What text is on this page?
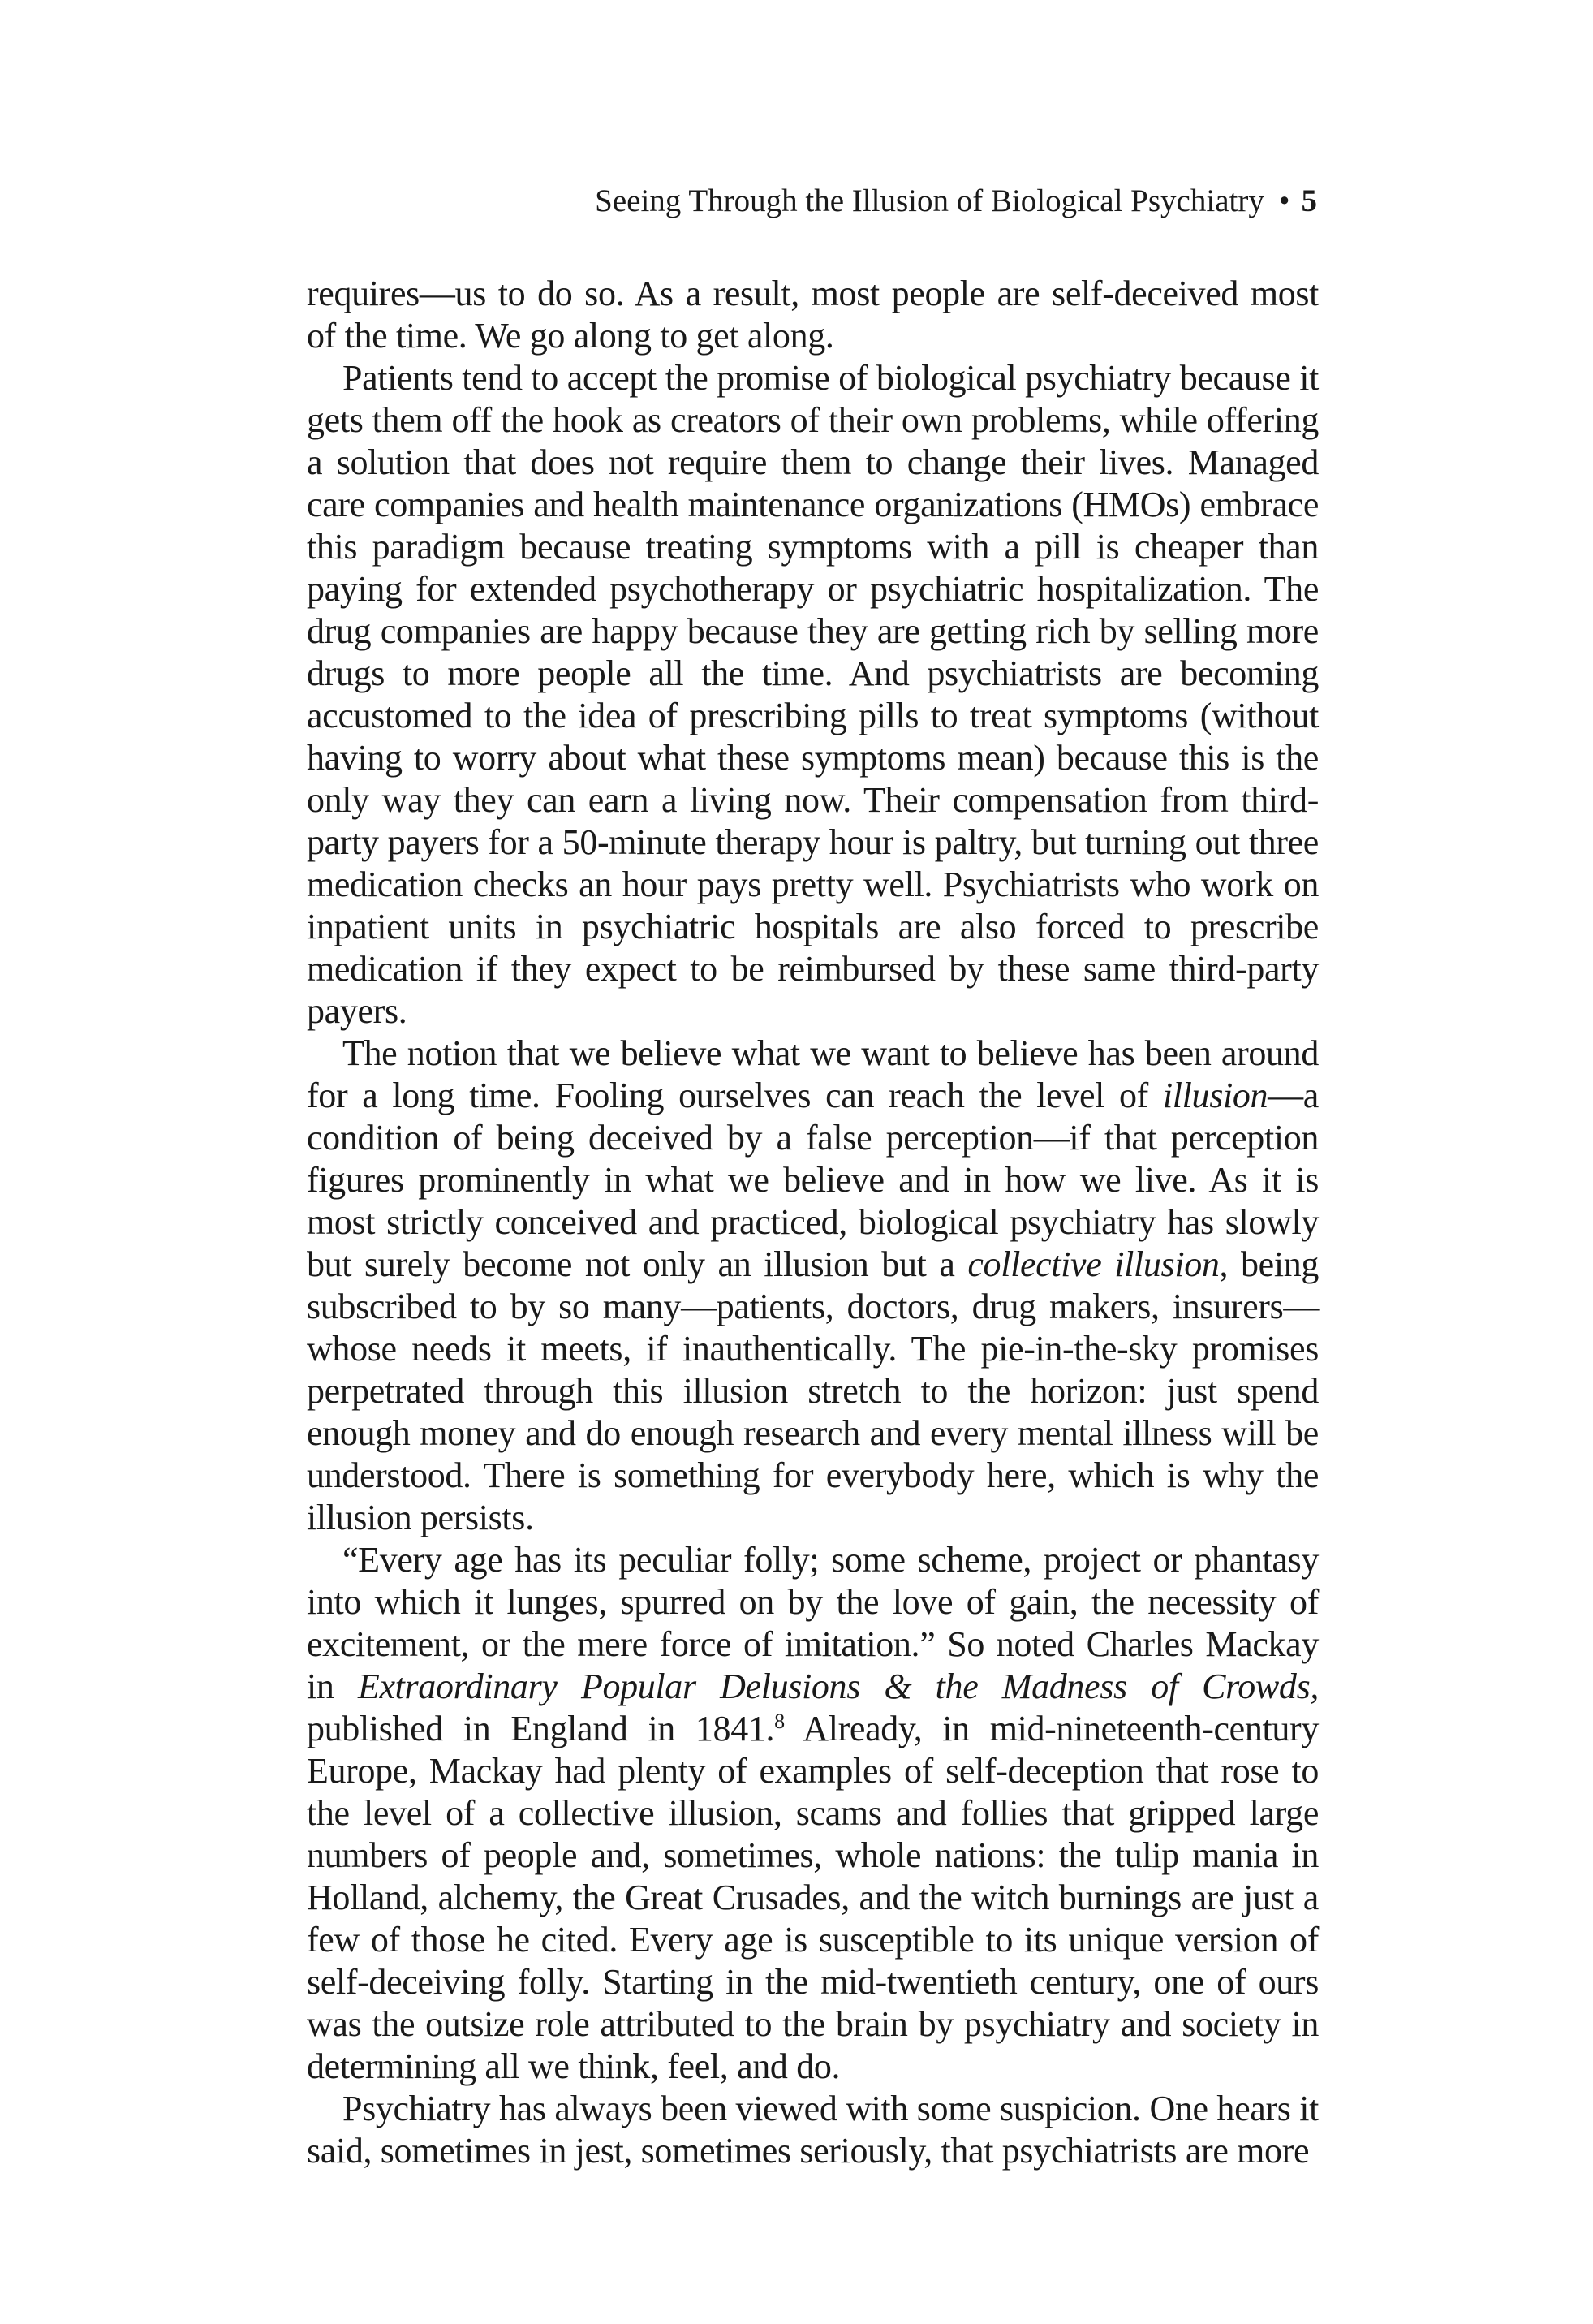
Seeing Through the Illusion of Biological Psychiatry • 5

requires—us to do so. As a result, most people are self-deceived most of the time. We go along to get along.

Patients tend to accept the promise of biological psychiatry because it gets them off the hook as creators of their own problems, while offering a solution that does not require them to change their lives. Managed care companies and health maintenance organizations (HMOs) embrace this paradigm because treating symptoms with a pill is cheaper than paying for extended psychotherapy or psychiatric hospitalization. The drug companies are happy because they are getting rich by selling more drugs to more people all the time. And psychiatrists are becoming accustomed to the idea of prescribing pills to treat symptoms (without having to worry about what these symptoms mean) because this is the only way they can earn a living now. Their compensation from third-party payers for a 50-minute therapy hour is paltry, but turning out three medication checks an hour pays pretty well. Psychiatrists who work on inpatient units in psychiatric hospitals are also forced to prescribe medication if they expect to be reimbursed by these same third-party payers.

The notion that we believe what we want to believe has been around for a long time. Fooling ourselves can reach the level of illusion—a condition of being deceived by a false perception—if that perception figures prominently in what we believe and in how we live. As it is most strictly conceived and practiced, biological psychiatry has slowly but surely become not only an illusion but a collective illusion, being subscribed to by so many—patients, doctors, drug makers, insurers—whose needs it meets, if inauthentically. The pie-in-the-sky promises perpetrated through this illusion stretch to the horizon: just spend enough money and do enough research and every mental illness will be understood. There is something for everybody here, which is why the illusion persists.

“Every age has its peculiar folly; some scheme, project or phantasy into which it lunges, spurred on by the love of gain, the necessity of excitement, or the mere force of imitation.” So noted Charles Mackay in Extraordinary Popular Delusions & the Madness of Crowds, published in England in 1841.$^8$ Already, in mid-nineteenth-century Europe, Mackay had plenty of examples of self-deception that rose to the level of a collective illusion, scams and follies that gripped large numbers of people and, sometimes, whole nations: the tulip mania in Holland, alchemy, the Great Crusades, and the witch burnings are just a few of those he cited. Every age is susceptible to its unique version of self-deceiving folly. Starting in the mid-twentieth century, one of ours was the outsize role attributed to the brain by psychiatry and society in determining all we think, feel, and do.

Psychiatry has always been viewed with some suspicion. One hears it said, sometimes in jest, sometimes seriously, that psychiatrists are more
